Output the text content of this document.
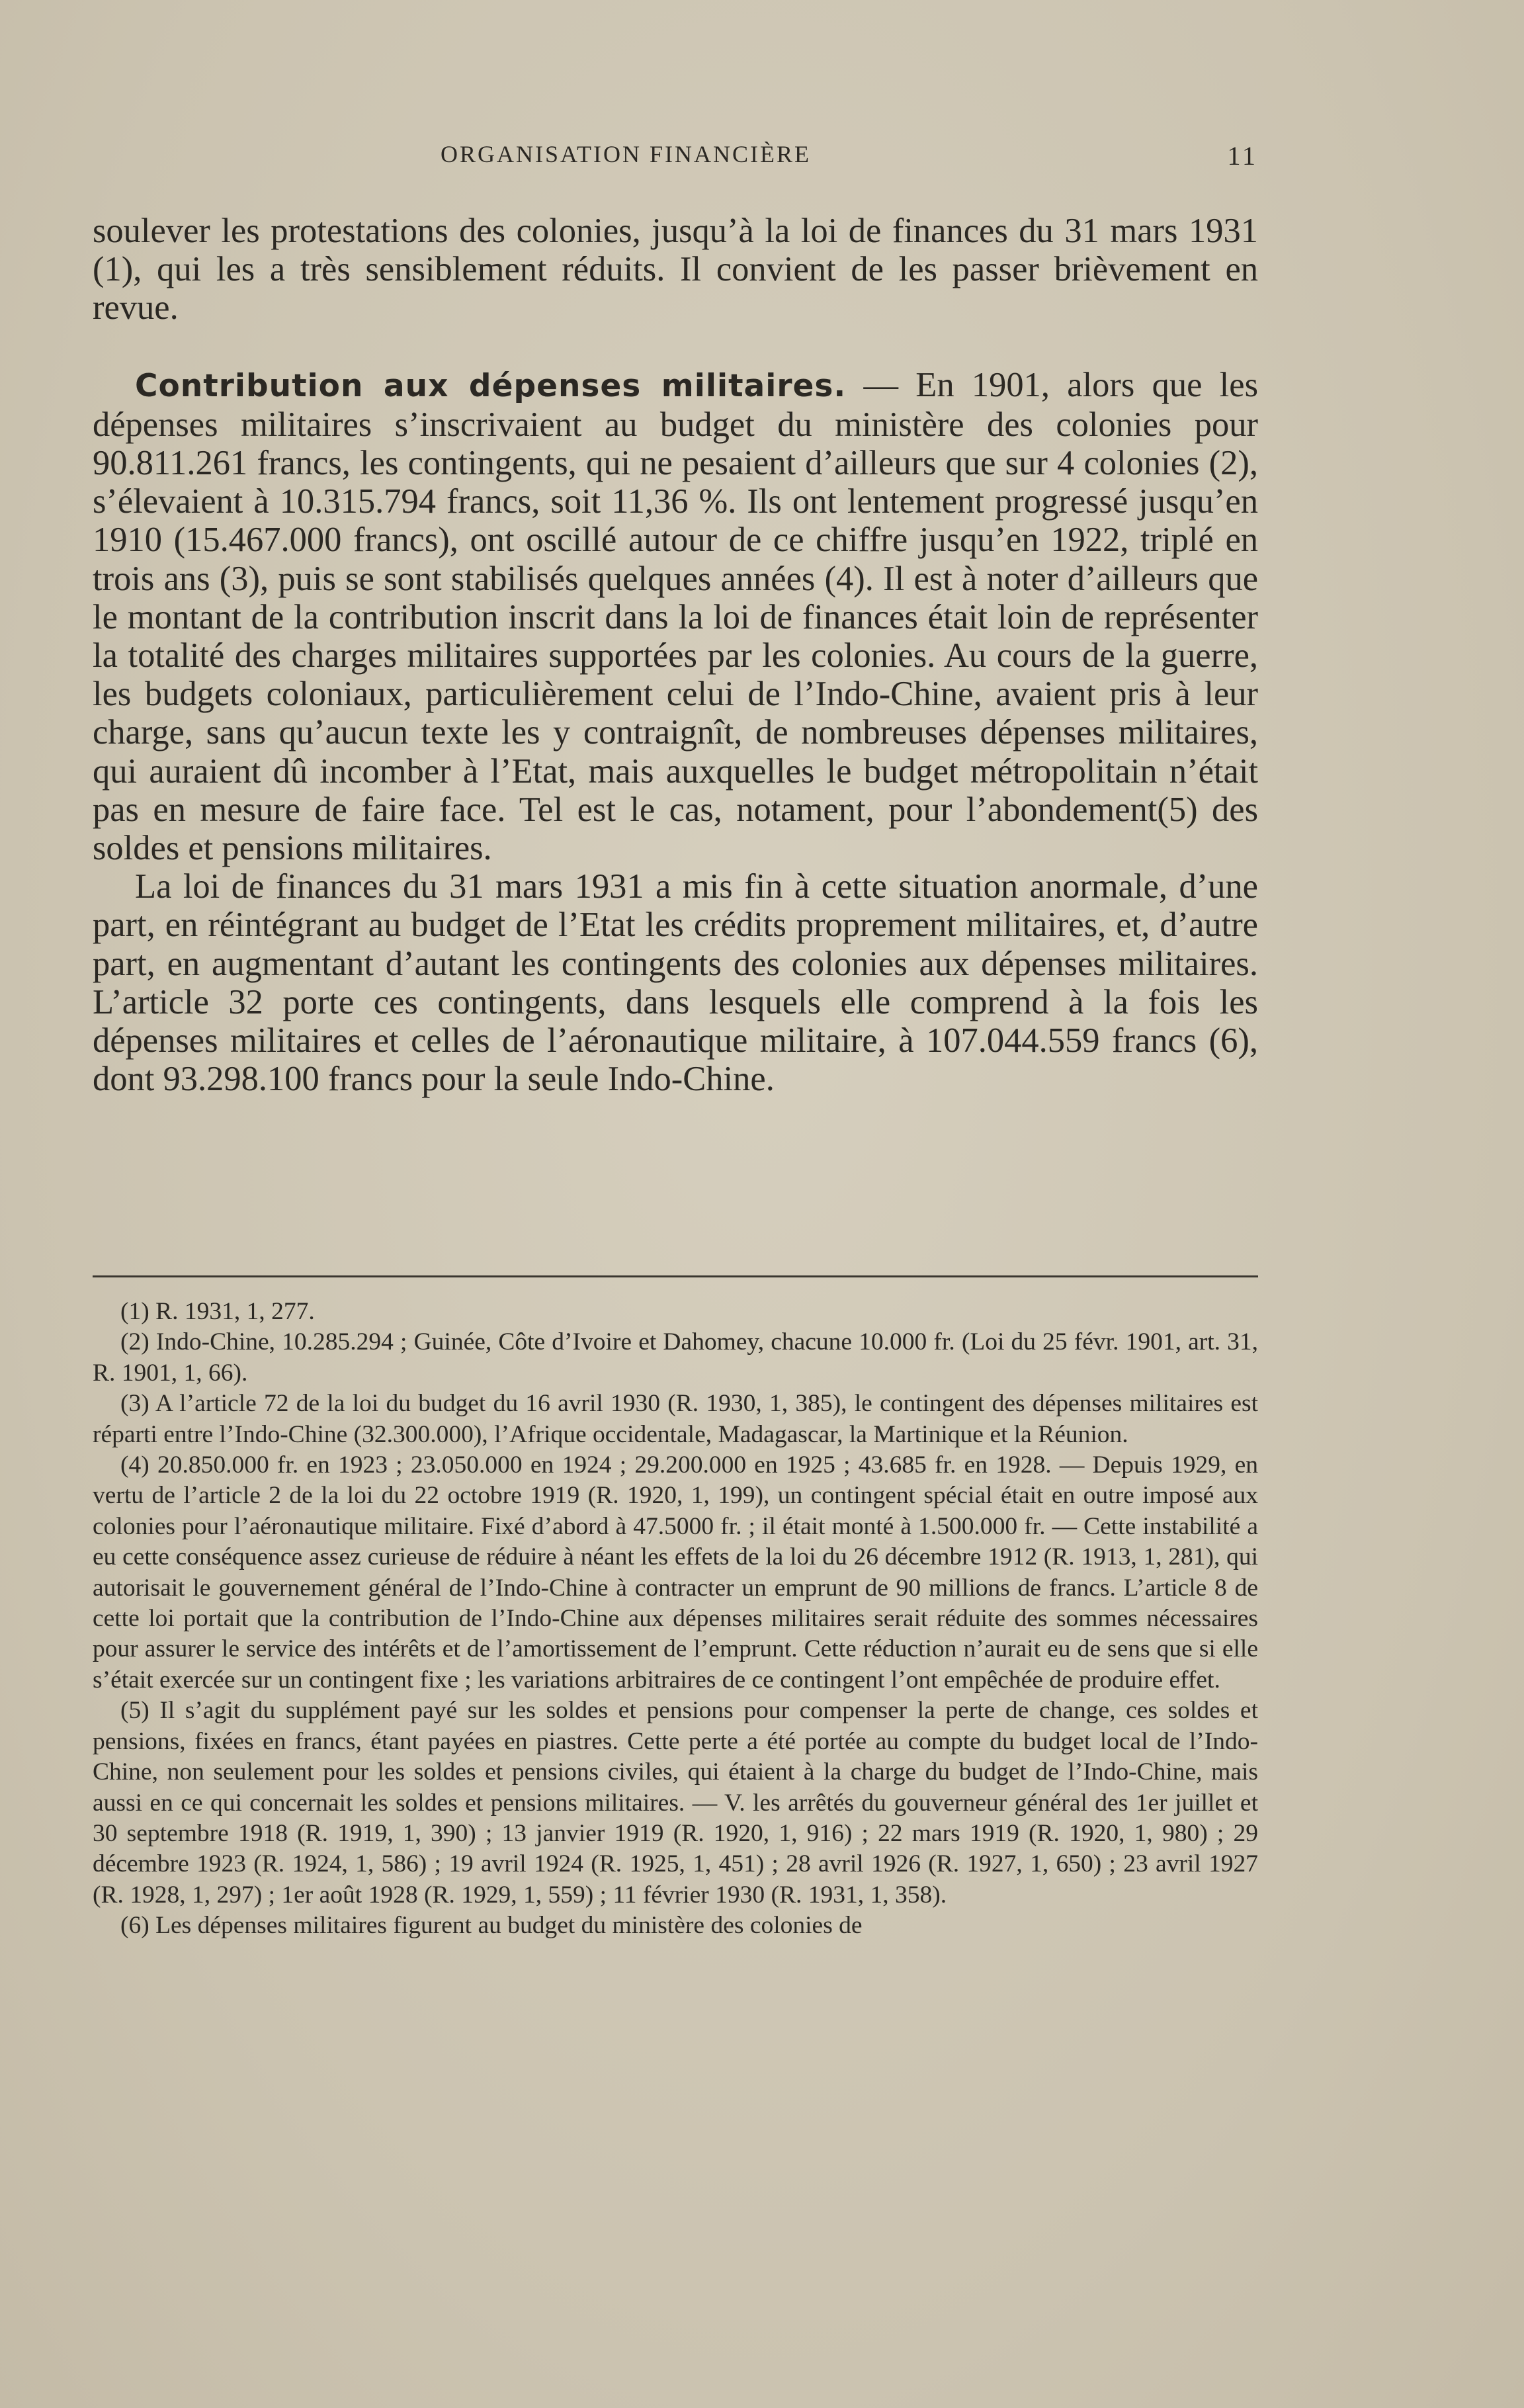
ORGANISATION FINANCIÈRE	11

soulever les protestations des colonies, jusqu’à la loi de finances du 31 mars 1931 (1), qui les a très sensiblement réduits. Il convient de les passer brièvement en revue.

Contribution aux dépenses militaires. — En 1901, alors que les dépenses militaires s’inscrivaient au budget du ministère des colonies pour 90.811.261 francs, les contingents, qui ne pesaient d’ailleurs que sur 4 colonies (2), s’élevaient à 10.315.794 francs, soit 11,36 %. Ils ont lentement progressé jusqu’en 1910 (15.467.000 francs), ont oscillé autour de ce chiffre jusqu’en 1922, triplé en trois ans (3), puis se sont stabilisés quelques années (4). Il est à noter d’ailleurs que le montant de la contribution inscrit dans la loi de finances était loin de représenter la totalité des charges militaires supportées par les colonies. Au cours de la guerre, les budgets coloniaux, particulièrement celui de l’Indo-Chine, avaient pris à leur charge, sans qu’aucun texte les y contraignît, de nombreuses dépenses militaires, qui auraient dû incomber à l’Etat, mais auxquelles le budget métropolitain n’était pas en mesure de faire face. Tel est le cas, notament, pour l’abondement(5) des soldes et pensions militaires.

La loi de finances du 31 mars 1931 a mis fin à cette situation anormale, d’une part, en réintégrant au budget de l’Etat les crédits proprement militaires, et, d’autre part, en augmentant d’autant les contingents des colonies aux dépenses militaires. L’article 32 porte ces contingents, dans lesquels elle comprend à la fois les dépenses militaires et celles de l’aéronautique militaire, à 107.044.559 francs (6), dont 93.298.100 francs pour la seule Indo-Chine.

(1) R. 1931, 1, 277.

(2) Indo-Chine, 10.285.294 ; Guinée, Côte d’Ivoire et Dahomey, chacune 10.000 fr. (Loi du 25 févr. 1901, art. 31, R. 1901, 1, 66).

(3) A l’article 72 de la loi du budget du 16 avril 1930 (R. 1930, 1, 385), le contingent des dépenses militaires est réparti entre l’Indo-Chine (32.300.000), l’Afrique occidentale, Madagascar, la Martinique et la Réunion.

(4) 20.850.000 fr. en 1923 ; 23.050.000 en 1924 ; 29.200.000 en 1925 ; 43.685 fr. en 1928. — Depuis 1929, en vertu de l’article 2 de la loi du 22 octobre 1919 (R. 1920, 1, 199), un contingent spécial était en outre imposé aux colonies pour l’aéronautique militaire. Fixé d’abord à 47.5000 fr. ; il était monté à 1.500.000 fr. — Cette instabilité a eu cette conséquence assez curieuse de réduire à néant les effets de la loi du 26 décembre 1912 (R. 1913, 1, 281), qui autorisait le gouvernement général de l’Indo-Chine à contracter un emprunt de 90 millions de francs. L’article 8 de cette loi portait que la contribution de l’Indo-Chine aux dépenses militaires serait réduite des sommes nécessaires pour assurer le service des intérêts et de l’amortissement de l’emprunt. Cette réduction n’aurait eu de sens que si elle s’était exercée sur un contingent fixe ; les variations arbitraires de ce contingent l’ont empêchée de produire effet.

(5) Il s’agit du supplément payé sur les soldes et pensions pour compenser la perte de change, ces soldes et pensions, fixées en francs, étant payées en piastres. Cette perte a été portée au compte du budget local de l’Indo-Chine, non seulement pour les soldes et pensions civiles, qui étaient à la charge du budget de l’Indo-Chine, mais aussi en ce qui concernait les soldes et pensions militaires. — V. les arrêtés du gouverneur général des 1er juillet et 30 septembre 1918 (R. 1919, 1, 390) ; 13 janvier 1919 (R. 1920, 1, 916) ; 22 mars 1919 (R. 1920, 1, 980) ; 29 décembre 1923 (R. 1924, 1, 586) ; 19 avril 1924 (R. 1925, 1, 451) ; 28 avril 1926 (R. 1927, 1, 650) ; 23 avril 1927 (R. 1928, 1, 297) ; 1er août 1928 (R. 1929, 1, 559) ; 11 février 1930 (R. 1931, 1, 358).

(6) Les dépenses militaires figurent au budget du ministère des colonies de
